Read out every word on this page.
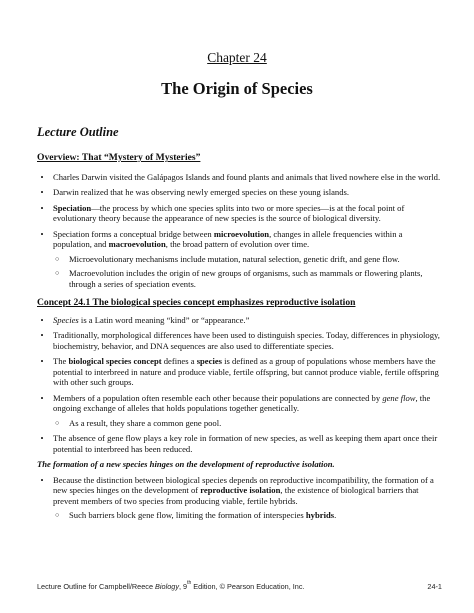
Chapter 24
The Origin of Species
Lecture Outline
Overview: That “Mystery of Mysteries”
•	Charles Darwin visited the Galápagos Islands and found plants and animals that lived nowhere else in the world.
•	Darwin realized that he was observing newly emerged species on these young islands.
•	Speciation—the process by which one species splits into two or more species—is at the focal point of evolutionary theory because the appearance of new species is the source of biological diversity.
•	Speciation forms a conceptual bridge between microevolution, changes in allele frequencies within a population, and macroevolution, the broad pattern of evolution over time.
○ Microevolutionary mechanisms include mutation, natural selection, genetic drift, and gene flow.
○ Macroevolution includes the origin of new groups of organisms, such as mammals or flowering plants, through a series of speciation events.
Concept 24.1 The biological species concept emphasizes reproductive isolation
•	Species is a Latin word meaning “kind” or “appearance.”
•	Traditionally, morphological differences have been used to distinguish species. Today, differences in physiology, biochemistry, behavior, and DNA sequences are also used to differentiate species.
•	The biological species concept defines a species is defined as a group of populations whose members have the potential to interbreed in nature and produce viable, fertile offspring, but cannot produce viable, fertile offspring with other such groups.
•	Members of a population often resemble each other because their populations are connected by gene flow, the ongoing exchange of alleles that holds populations together genetically.
○ As a result, they share a common gene pool.
•	The absence of gene flow plays a key role in formation of new species, as well as keeping them apart once their potential to interbreed has been reduced.
The formation of a new species hinges on the development of reproductive isolation.
•	Because the distinction between biological species depends on reproductive incompatibility, the formation of a new species hinges on the development of reproductive isolation, the existence of biological barriers that prevent members of two species from producing viable, fertile hybrids.
○ Such barriers block gene flow, limiting the formation of interspecies hybrids.
Lecture Outline for Campbell/Reece Biology, 9th Edition, © Pearson Education, Inc.	24-1
